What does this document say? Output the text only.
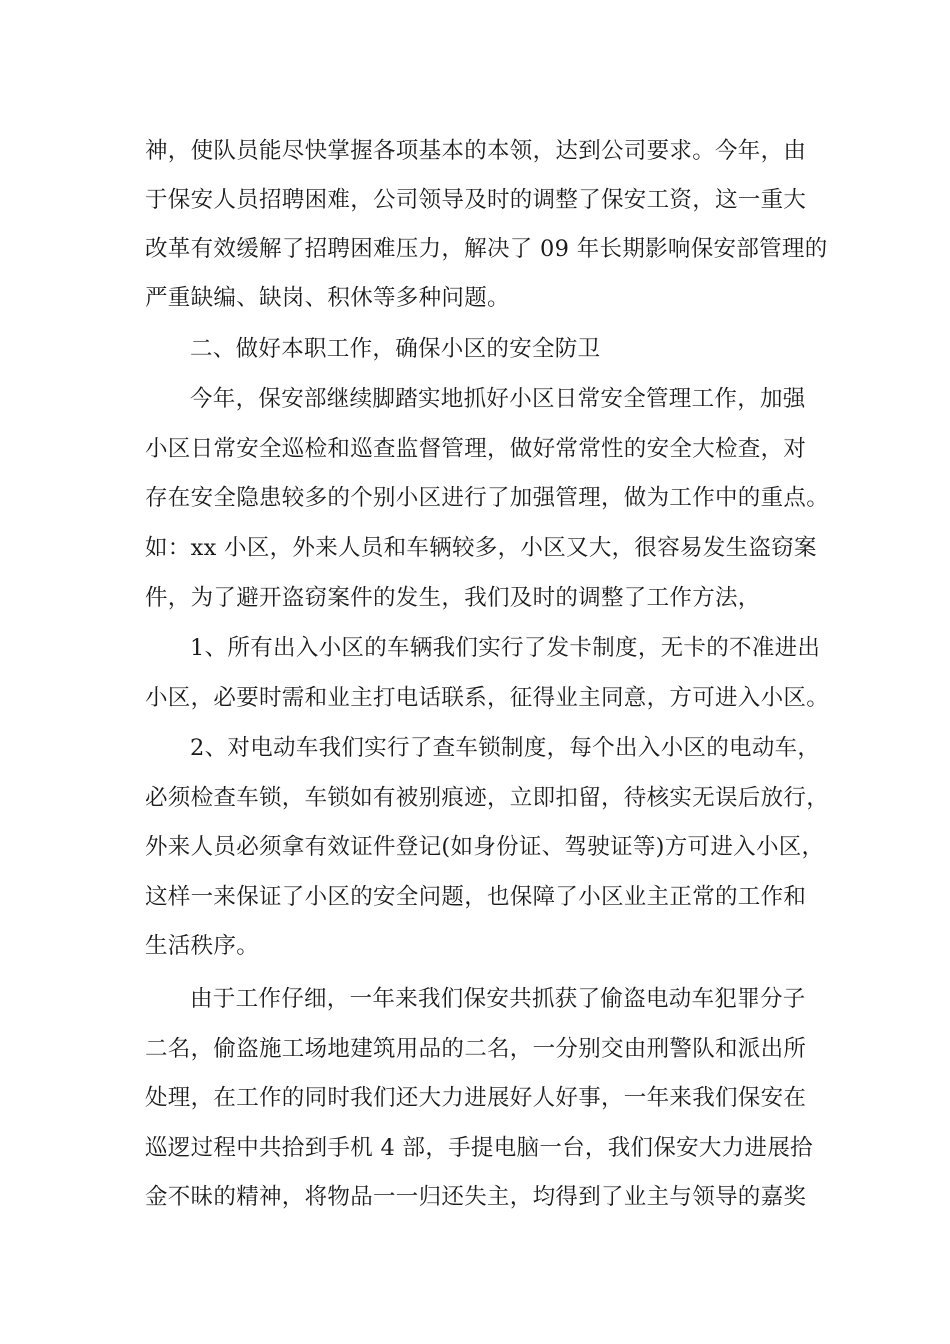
神，使队员能尽快掌握各项基本的本领，达到公司要求。今年，由
于保安人员招聘困难，公司领导及时的调整了保安工资，这一重大
改革有效缓解了招聘困难压力，解决了 09 年长期影响保安部管理的
严重缺编、缺岗、积休等多种问题。
二、做好本职工作，确保小区的安全防卫
今年，保安部继续脚踏实地抓好小区日常安全管理工作，加强
小区日常安全巡检和巡查监督管理，做好常常性的安全大检查，对
存在安全隐患较多的个别小区进行了加强管理，做为工作中的重点。
如：xx 小区，外来人员和车辆较多，小区又大，很容易发生盗窃案
件，为了避开盗窃案件的发生，我们及时的调整了工作方法，
1、所有出入小区的车辆我们实行了发卡制度，无卡的不准进出
小区，必要时需和业主打电话联系，征得业主同意，方可进入小区。
2、对电动车我们实行了查车锁制度，每个出入小区的电动车，
必须检查车锁，车锁如有被别痕迹，立即扣留，待核实无误后放行，
外来人员必须拿有效证件登记(如身份证、驾驶证等)方可进入小区，
这样一来保证了小区的安全问题，也保障了小区业主正常的工作和
生活秩序。
由于工作仔细，一年来我们保安共抓获了偷盗电动车犯罪分子
二名，偷盗施工场地建筑用品的二名，一分别交由刑警队和派出所
处理，在工作的同时我们还大力进展好人好事，一年来我们保安在
巡逻过程中共拾到手机 4 部，手提电脑一台，我们保安大力进展拾
金不昧的精神，将物品一一归还失主，均得到了业主与领导的嘉奖
